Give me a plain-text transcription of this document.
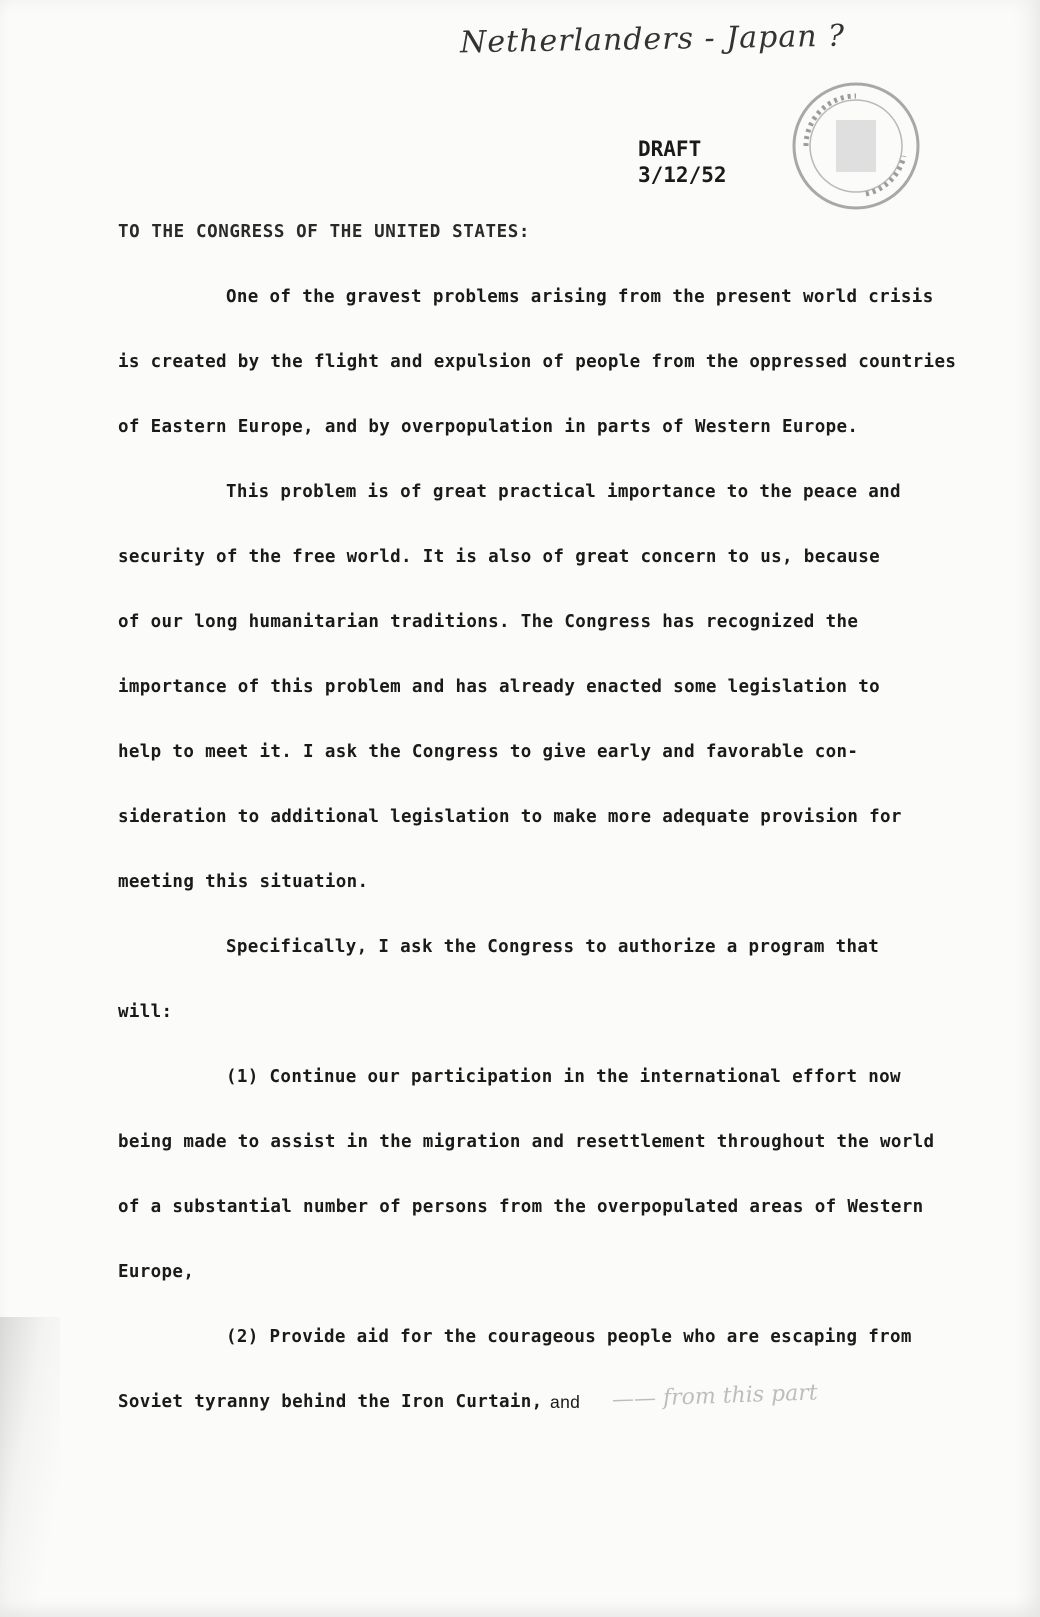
Netherlanders - Japan ?
DRAFT
3/12/52
TO THE CONGRESS OF THE UNITED STATES:
One of the gravest problems arising from the present world crisis
is created by the flight and expulsion of people from the oppressed countries
of Eastern Europe, and by overpopulation in parts of Western Europe.
This problem is of great practical importance to the peace and
security of the free world. It is also of great concern to us, because
of our long humanitarian traditions. The Congress has recognized the
importance of this problem and has already enacted some legislation to
help to meet it. I ask the Congress to give early and favorable con-
sideration to additional legislation to make more adequate provision for
meeting this situation.
Specifically, I ask the Congress to authorize a program that
will:
(1) Continue our participation in the international effort now
being made to assist in the migration and resettlement throughout the world
of a substantial number of persons from the overpopulated areas of Western
Europe,
(2) Provide aid for the courageous people who are escaping from
Soviet tyranny behind the Iron Curtain, and —— from this part
